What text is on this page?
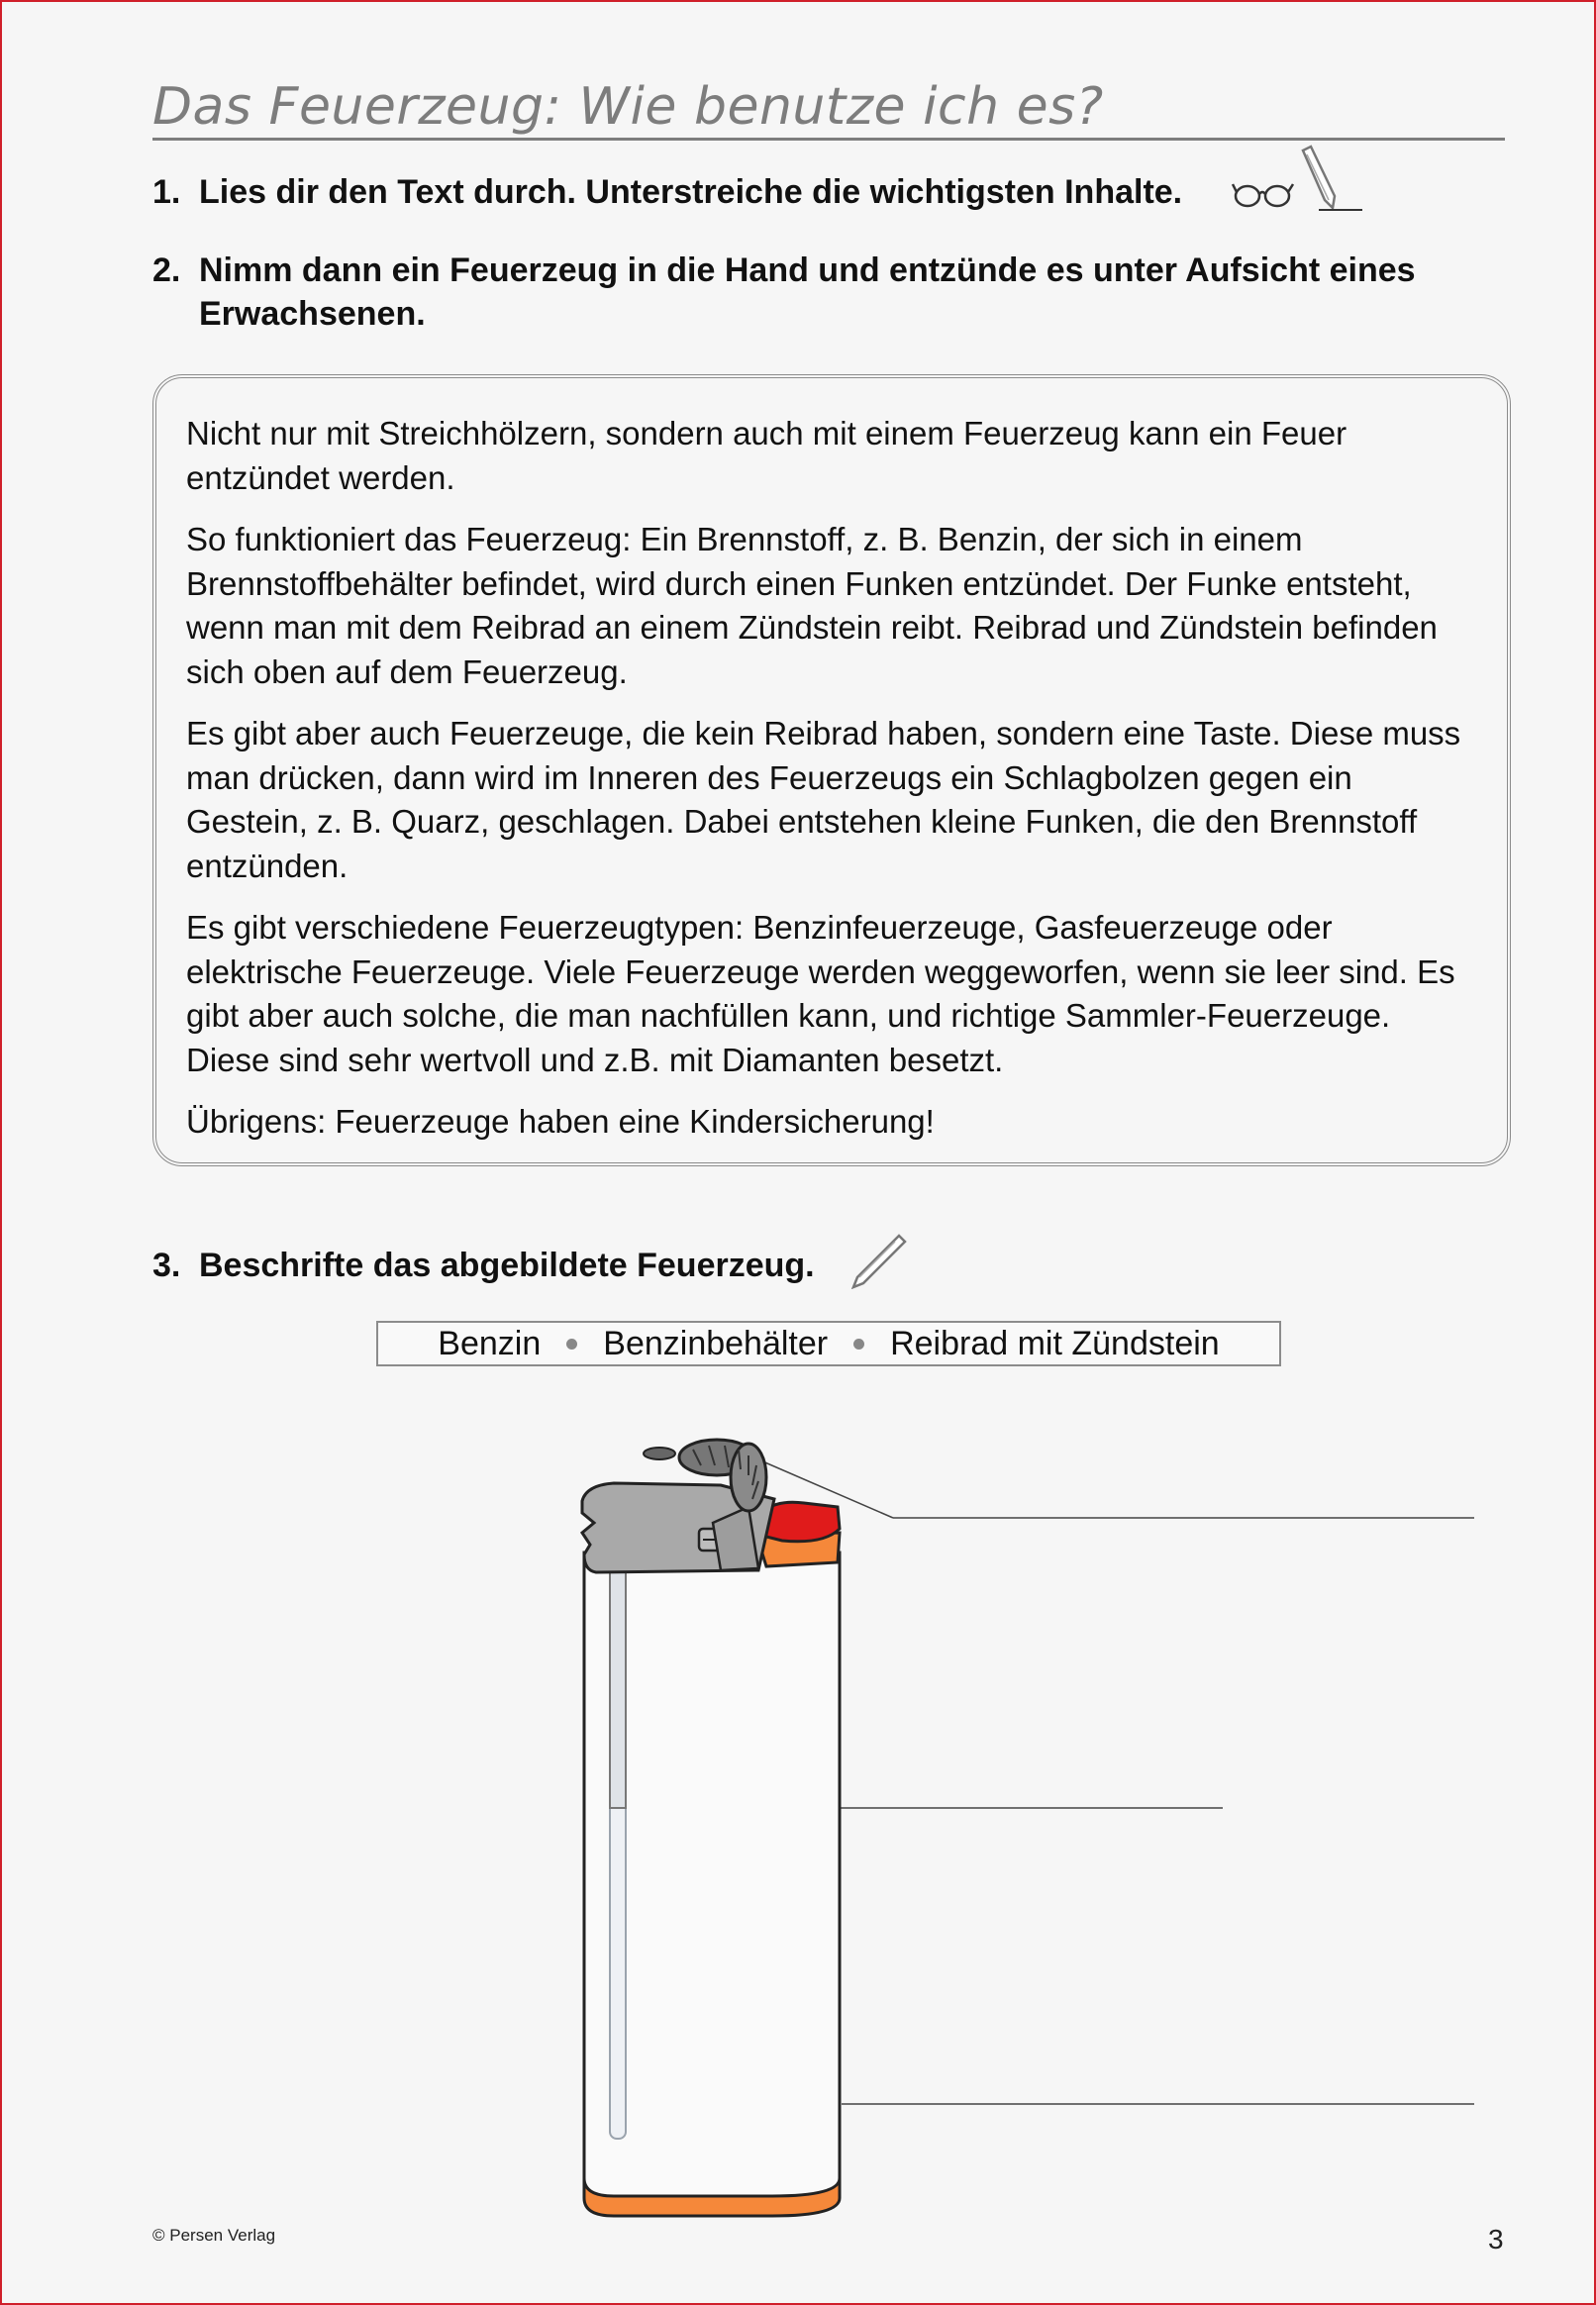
Das Feuerzeug: Wie benutze ich es?
1. Lies dir den Text durch. Unterstreiche die wichtigsten Inhalte.
2. Nimm dann ein Feuerzeug in die Hand und entzünde es unter Aufsicht eines Erwachsenen.

Nicht nur mit Streichhölzern, sondern auch mit einem Feuerzeug kann ein Feuer entzündet werden.

So funktioniert das Feuerzeug: Ein Brennstoff, z. B. Benzin, der sich in einem Brennstoffbehälter befindet, wird durch einen Funken entzündet. Der Funke entsteht, wenn man mit dem Reibrad an einem Zündstein reibt. Reibrad und Zündstein befinden sich oben auf dem Feuerzeug.

Es gibt aber auch Feuerzeuge, die kein Reibrad haben, sondern eine Taste. Diese muss man drücken, dann wird im Inneren des Feuerzeugs ein Schlagbolzen gegen ein Gestein, z. B. Quarz, geschlagen. Dabei entstehen kleine Funken, die den Brennstoff entzünden.

Es gibt verschiedene Feuerzeugtypen: Benzinfeuerzeuge, Gasfeuerzeuge oder elektrische Feuerzeuge. Viele Feuerzeuge werden weggeworfen, wenn sie leer sind. Es gibt aber auch solche, die man nachfüllen kann, und richtige Sammler-Feuerzeuge. Diese sind sehr wertvoll und z.B. mit Diamanten besetzt.

Übrigens: Feuerzeuge haben eine Kindersicherung!

3. Beschrifte das abgebildete Feuerzeug.
Benzin Benzinbehälter Reibrad mit Zündstein
© Persen Verlag	3
